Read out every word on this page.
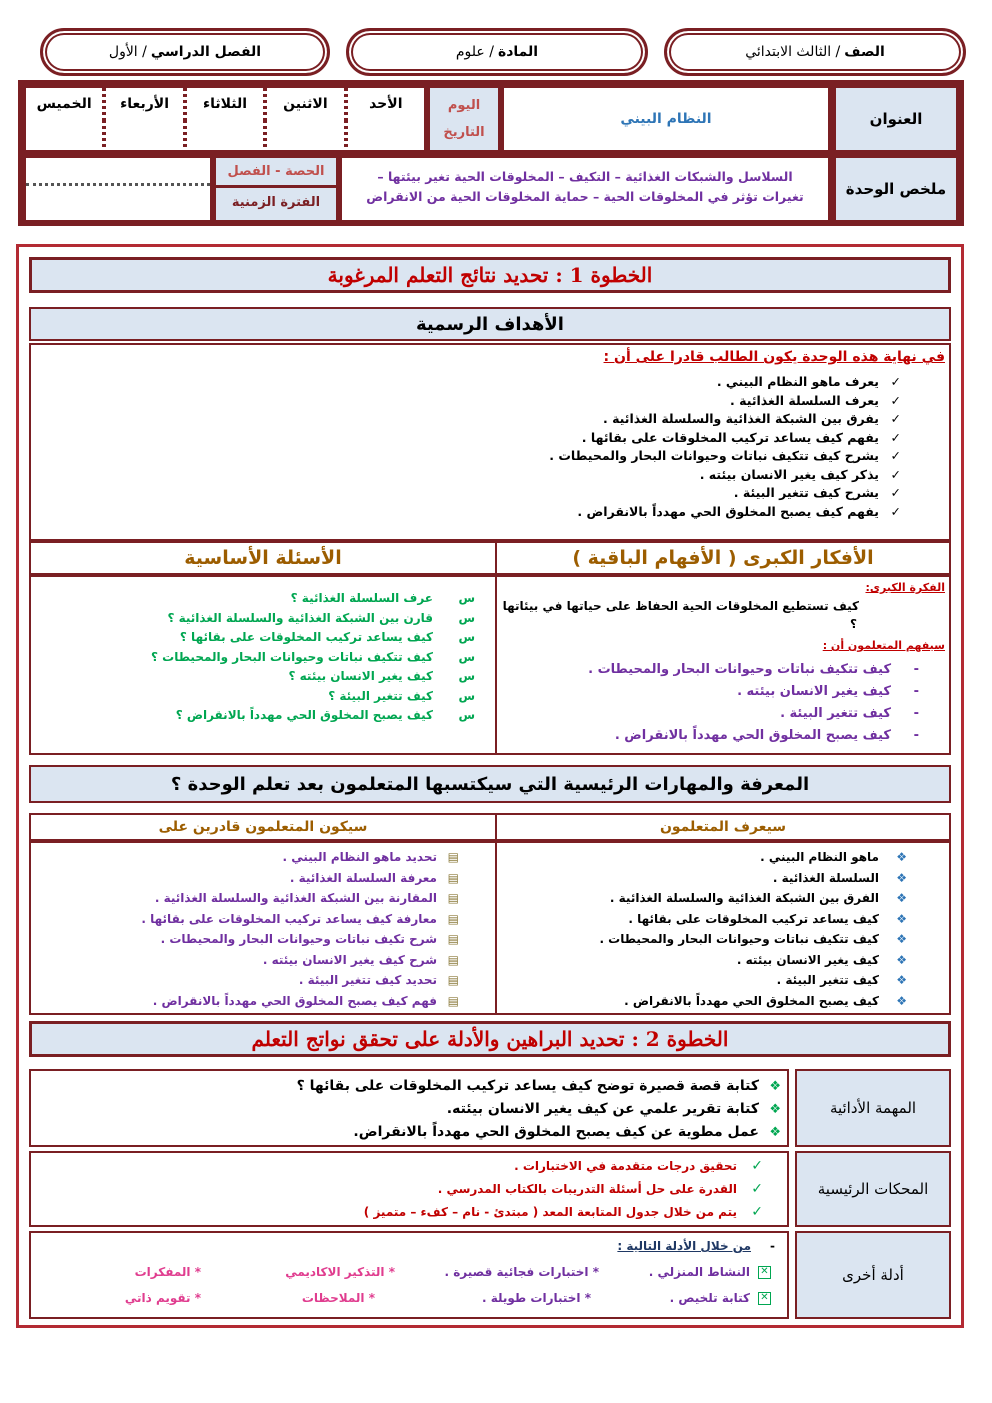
الصف
/
الثالث الابتدائي
المادة
/
علوم
الفصل الدراسي
/
الأول
العنوان
النظام البيني
اليوم
التاريخ
الأحد
الاثنين
الثلاثاء
الأربعاء
الخميس
ملخص الوحدة
السلاسل والشبكات الغذائية – التكيف – المخلوقات الحية تغير بيئتها –
تغيرات تؤثر في المخلوقات الحية – حماية المخلوقات الحية من الانقراض
الحصة - الفصل
الفترة الزمنية
الخطوة 1 : تحديد نتائج التعلم المرغوبة
الأهداف الرسمية
في نهاية هذه الوحدة يكون الطالب قادرا على أن :
✓ يعرف ماهو النظام البيني .
✓ يعرف السلسلة الغذائية .
✓ يفرق بين الشبكة الغذائية والسلسلة الغذائية .
✓ يفهم كيف يساعد تركيب المخلوقات على بقائها .
✓ يشرح كيف تتكيف نباتات وحيوانات البحار والمحيطات .
✓ يذكر كيف يغير الانسان بيئته .
✓ يشرح كيف تتغير البيئة .
✓ يفهم كيف يصبح المخلوق الحي مهدداً بالانقراض .
الأفكار الكبرى ( الأفهام الباقية )
الأسئلة الأساسية
الفكرة الكبرى:
كيف تستطيع المخلوقات الحية الحفاظ على حياتها في بيئاتها
؟
سيفهم المتعلمون أن :
- كيف تتكيف نباتات وحيوانات البحار والمحيطات .
- كيف يغير الانسان بيئته .
- كيف تتغير البيئة .
- كيف يصبح المخلوق الحي مهدداً بالانقراض .
س عرف السلسلة الغذائية ؟
س قارن بين الشبكة الغذائية والسلسلة الغذائية ؟
س كيف يساعد تركيب المخلوقات على بقائها ؟
س كيف تتكيف نباتات وحيوانات البحار والمحيطات ؟
س كيف يغير الانسان بيئته ؟
س كيف تتغير البيئة ؟
س كيف يصبح المخلوق الحي مهدداً بالانقراض ؟
المعرفة والمهارات الرئيسية التي سيكتسبها المتعلمون بعد تعلم الوحدة ؟
سيعرف المتعلمون
سيكون المتعلمون قادرين على
❖ ماهو النظام البيني .
❖ السلسلة الغذائية .
❖ الفرق بين الشبكة الغذائية والسلسلة الغذائية .
❖ كيف يساعد تركيب المخلوقات على بقائها .
❖ كيف تتكيف نباتات وحيوانات البحار والمحيطات .
❖ كيف يغير الانسان بيئته .
❖ كيف تتغير البيئة .
❖ كيف يصبح المخلوق الحي مهدداً بالانقراض .
▤ تحديد ماهو النظام البيني .
▤ معرفة السلسلة الغذائية .
▤ المقارنة بين الشبكة الغذائية والسلسلة الغذائية .
▤ معارفة كيف يساعد تركيب المخلوقات على بقائها .
▤ شرح تكيف نباتات وحيوانات البحار والمحيطات .
▤ شرح كيف يغير الانسان بيئته .
▤ تحديد كيف تتغير البيئة .
▤ فهم كيف يصبح المخلوق الحي مهدداً بالانقراض .
الخطوة 2 : تحديد البراهين والأدلة على تحقق نواتج التعلم
المهمة الأدائية
❖ كتابة قصة قصيرة توضح كيف يساعد تركيب المخلوقات على بقائها ؟
❖ كتابة تقرير علمي عن كيف يغير الانسان بيئته.
❖ عمل مطوية عن كيف يصبح المخلوق الحي مهدداً بالانقراض.
المحكات الرئيسية
✓ تحقيق درجات متقدمة في الاختبارات .
✓ القدرة على حل أسئلة التدريبات بالكتاب المدرسي .
✓ يتم من خلال جدول المتابعة المعد ( مبتدئ - نام – كفء – متميز )
أدلة أخرى
-
من خلال الأدلة التالية :
✕النشاط المنزلي .
✕كتابة تلخيص .
* اختبارات فجائية قصيرة .
* اختبارات طويلة .
* التذكير الاكاديمي
* الملاحظات
* المفكرات
* تقويم ذاتي
